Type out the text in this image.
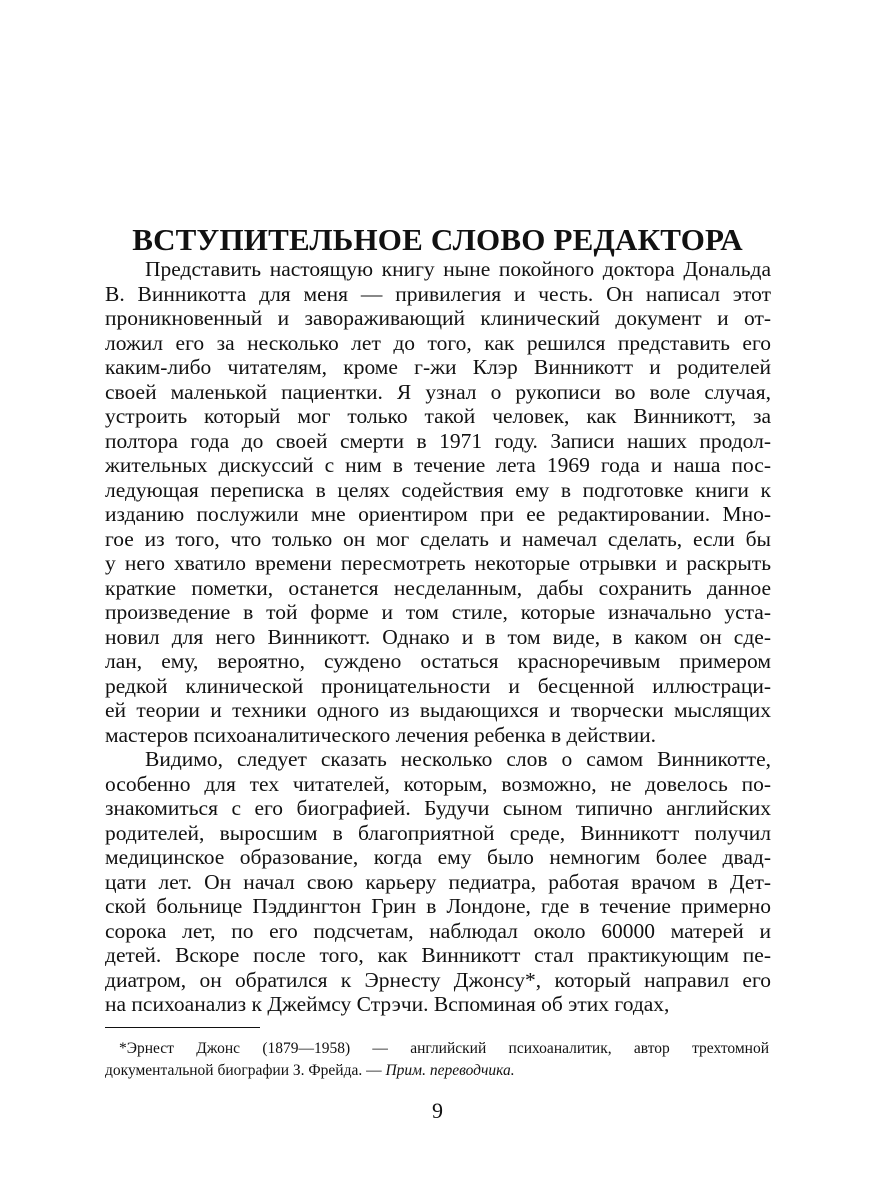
ВСТУПИТЕЛЬНОЕ СЛОВО РЕДАКТОРА
Представить настоящую книгу ныне покойного доктора Дональда
В. Винникотта для меня — привилегия и честь. Он написал этот
проникновенный и завораживающий клинический документ и от-
ложил его за несколько лет до того, как решился представить его
каким-либо читателям, кроме г-жи Клэр Винникотт и родителей
своей маленькой пациентки. Я узнал о рукописи во воле случая,
устроить который мог только такой человек, как Винникотт, за
полтора года до своей смерти в 1971 году. Записи наших продол-
жительных дискуссий с ним в течение лета 1969 года и наша пос-
ледующая переписка в целях содействия ему в подготовке книги к
изданию послужили мне ориентиром при ее редактировании. Мно-
гое из того, что только он мог сделать и намечал сделать, если бы
у него хватило времени пересмотреть некоторые отрывки и раскрыть
краткие пометки, останется несделанным, дабы сохранить данное
произведение в той форме и том стиле, которые изначально уста-
новил для него Винникотт. Однако и в том виде, в каком он сде-
лан, ему, вероятно, суждено остаться красноречивым примером
редкой клинической проницательности и бесценной иллюстраци-
ей теории и техники одного из выдающихся и творчески мыслящих
мастеров психоаналитического лечения ребенка в действии.
Видимо, следует сказать несколько слов о самом Винникотте,
особенно для тех читателей, которым, возможно, не довелось по-
знакомиться с его биографией. Будучи сыном типично английских
родителей, выросшим в благоприятной среде, Винникотт получил
медицинское образование, когда ему было немногим более двад-
цати лет. Он начал свою карьеру педиатра, работая врачом в Дет-
ской больнице Пэддингтон Грин в Лондоне, где в течение примерно
сорока лет, по его подсчетам, наблюдал около 60000 матерей и
детей. Вскоре после того, как Винникотт стал практикующим пе-
диатром, он обратился к Эрнесту Джонсу*, который направил его
на психоанализ к Джеймсу Стрэчи. Вспоминая об этих годах,
*Эрнест Джонс (1879—1958) — английский психоаналитик, автор трехтомной
документальной биографии З. Фрейда. — Прим. переводчика.
9
